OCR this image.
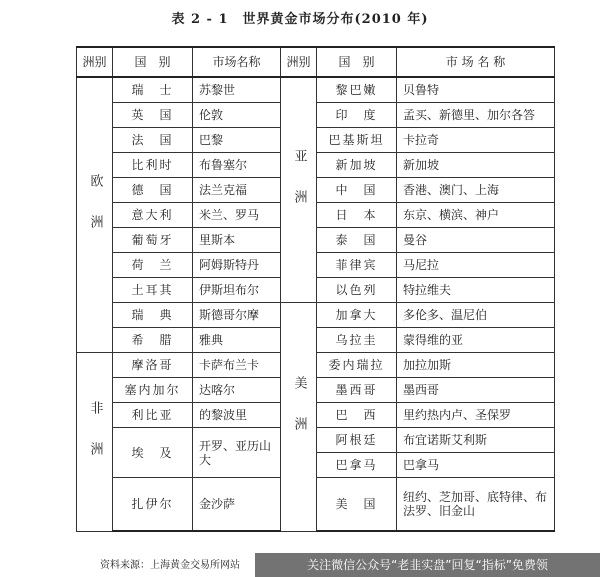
表 2 - 1　世界黄金市场分布(2010 年)
洲别	国　别	市场名称	洲别	国　别	市 场 名 称
欧洲	瑞　士	苏黎世	亚洲	黎巴嫩	贝鲁特
	英　国	伦敦		印　度	孟买、新德里、加尔各答
	法　国	巴黎		巴基斯坦	卡拉奇
	比利时	布鲁塞尔		新加坡	新加坡
	德　国	法兰克福		中　国	香港、澳门、上海
	意大利	米兰、罗马		日　本	东京、横滨、神户
	葡萄牙	里斯本		泰　国	曼谷
	荷　兰	阿姆斯特丹		菲律宾	马尼拉
	土耳其	伊斯坦布尔		以色列	特拉维夫
	瑞　典	斯德哥尔摩	美洲	加拿大	多伦多、温尼伯
	希　腊	雅典		乌拉圭	蒙得维的亚
非洲	摩洛哥	卡萨布兰卡		委内瑞拉	加拉加斯
	塞内加尔	达喀尔		墨西哥	墨西哥
	利比亚	的黎波里		巴　西	里约热内卢、圣保罗
	埃　及	开罗、亚历山大		阿根廷	布宜诺斯艾利斯
				巴拿马	巴拿马
	扎伊尔	金沙萨		美　国	纽约、芝加哥、底特律、布法罗、旧金山
资料来源：上海黄金交易所网站	关注微信公众号“老韭实盘”回复“指标”免费领
